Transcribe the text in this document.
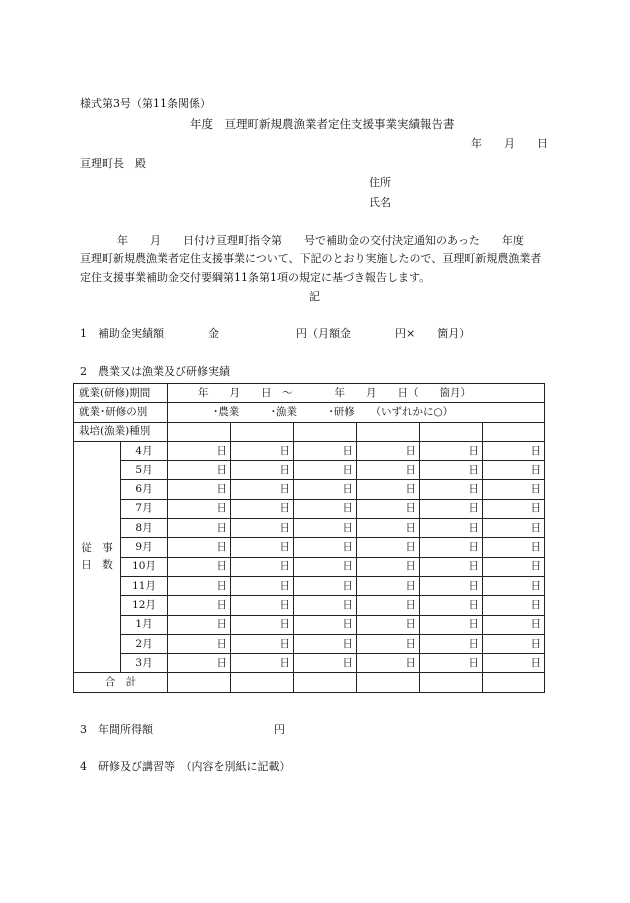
様式第3号（第11条関係）
年度　亘理町新規農漁業者定住支援事業実績報告書
年　　月　　日
亘理町長　殿
住所
氏名
年　　月　　日付け亘理町指令第　　号で補助金の交付決定通知のあった　　年度
亘理町新規農漁業者定住支援事業について、下記のとおり実施したので、亘理町新規農漁業者
定住支援事業補助金交付要綱第11条第1項の規定に基づき報告します。
記
1　補助金実績額　　　　金　　　　　　　円（月額金　　　　円×　　箇月）
2　農業又は漁業及び研修実績
就業(研修)期間		年　　月　　日　～　　　　年　　月　　日（　　箇月）					
就業･研修の別		･農業　　　･漁業　　　･研修　　（いずれかに○）					
栽培(漁業)種別							
従　事
日　数	4月	日	日	日	日	日	日
	5月	日	日	日	日	日	日
	6月	日	日	日	日	日	日
	7月	日	日	日	日	日	日
	8月	日	日	日	日	日	日
	9月	日	日	日	日	日	日
	10月	日	日	日	日	日	日
	11月	日	日	日	日	日	日
	12月	日	日	日	日	日	日
	1月	日	日	日	日	日	日
	2月	日	日	日	日	日	日
	3月	日	日	日	日	日	日
合　計							
3　年間所得額　　　　　　　　　　　円
4　研修及び講習等　（内容を別紙に記載）
